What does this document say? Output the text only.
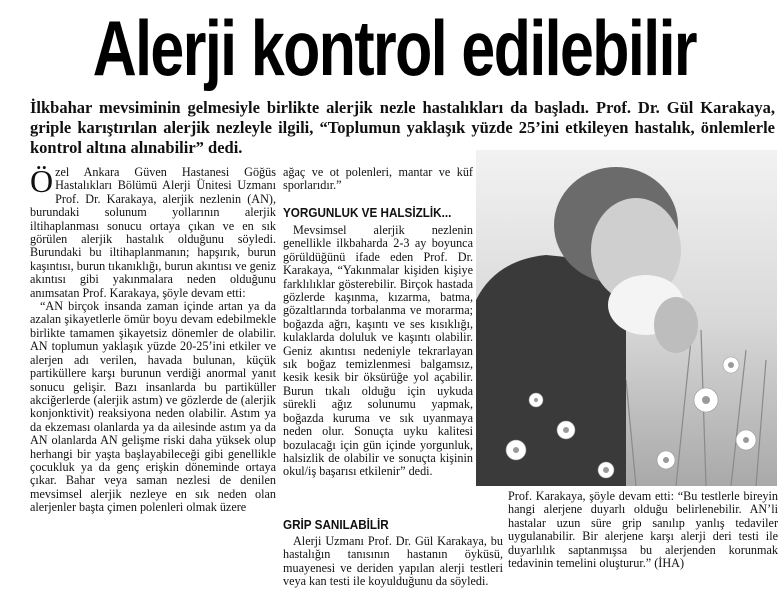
Alerji kontrol edilebilir

İlkbahar mevsiminin gelmesiyle birlikte alerjik nezle hastalıkları da başladı. Prof. Dr. Gül Karakaya, griple karıştırılan alerjik nezleyle ilgili, “Toplumun yaklaşık yüzde 25’ini etkileyen hastalık, önlemlerle kontrol altına alınabilir” dedi.

Özel Ankara Güven Hastanesi Göğüs Hastalıkları Bölümü Alerji Ünitesi Uzmanı Prof. Dr. Karakaya, alerjik nezlenin (AN), burundaki solunum yollarının alerjik iltihaplanması sonucu ortaya çıkan ve en sık görülen alerjik hastalık olduğunu söyledi. Burundaki bu iltihaplanmanın; hapşırık, burun kaşıntısı, burun tıkanıklığı, burun akıntısı ve geniz akıntısı gibi yakınmalara neden olduğunu anımsatan Prof. Karakaya, şöyle devam etti:

“AN birçok insanda zaman içinde artan ya da azalan şikayetlerle ömür boyu devam edebilmekle birlikte tamamen şikayetsiz dönemler de olabilir. AN toplumun yaklaşık yüzde 20-25’ini etkiler ve alerjen adı verilen, havada bulunan, küçük partiküllere karşı burunun verdiği anormal yanıt sonucu gelişir. Bazı insanlarda bu partiküller akciğerlerde (alerjik astım) ve gözlerde de (alerjik konjonktivit) reaksiyona neden olabilir. Astım ya da ekzeması olanlarda ya da ailesinde astım ya da AN olanlarda AN gelişme riski daha yüksek olup herhangi bir yaşta başlayabileceği gibi genellikle çocukluk ya da genç erişkin döneminde ortaya çıkar. Bahar veya saman nezlesi de denilen mevsimsel alerjik nezleye en sık neden olan alerjenler başta çimen polenleri olmak üzere

ağaç ve ot polenleri, mantar ve küf sporlarıdır.”

YORGUNLUK VE HALSİZLİK...

Mevsimsel alerjik nezlenin genellikle ilkbaharda 2-3 ay boyunca görüldüğünü ifade eden Prof. Dr. Karakaya, “Yakınmalar kişiden kişiye farklılıklar gösterebilir. Birçok hastada gözlerde kaşınma, kızarma, batma, gözaltlarında torbalanma ve morarma; boğazda ağrı, kaşıntı ve ses kısıklığı, kulaklarda doluluk ve kaşıntı olabilir. Geniz akıntısı nedeniyle tekrarlayan sık boğaz temizlenmesi balgamsız, kesik kesik bir öksürüğe yol açabilir. Burun tıkalı olduğu için uykuda sürekli ağız solunumu yapmak, boğazda kuruma ve sık uyanmaya neden olur. Sonuçta uyku kalitesi bozulacağı için gün içinde yorgunluk, halsizlik de olabilir ve sonuçta kişinin okul/iş başarısı etkilenir” dedi.

GRİP SANILABİLİR

Alerji Uzmanı Prof. Dr. Gül Karakaya, bu hastalığın tanısının hastanın öyküsü, muayenesi ve deriden yapılan alerji testleri veya kan testi ile koyulduğunu da söyledi.

Prof. Karakaya, şöyle devam etti: “Bu testlerle bireyin hangi alerjene duyarlı olduğu belirlenebilir. AN’li hastalar uzun süre grip sanılıp yanlış tedaviler uygulanabilir. Bir alerjene karşı alerji deri testi ile duyarlılık saptanmışsa bu alerjenden korunmak tedavinin temelini oluşturur.” (İHA)
